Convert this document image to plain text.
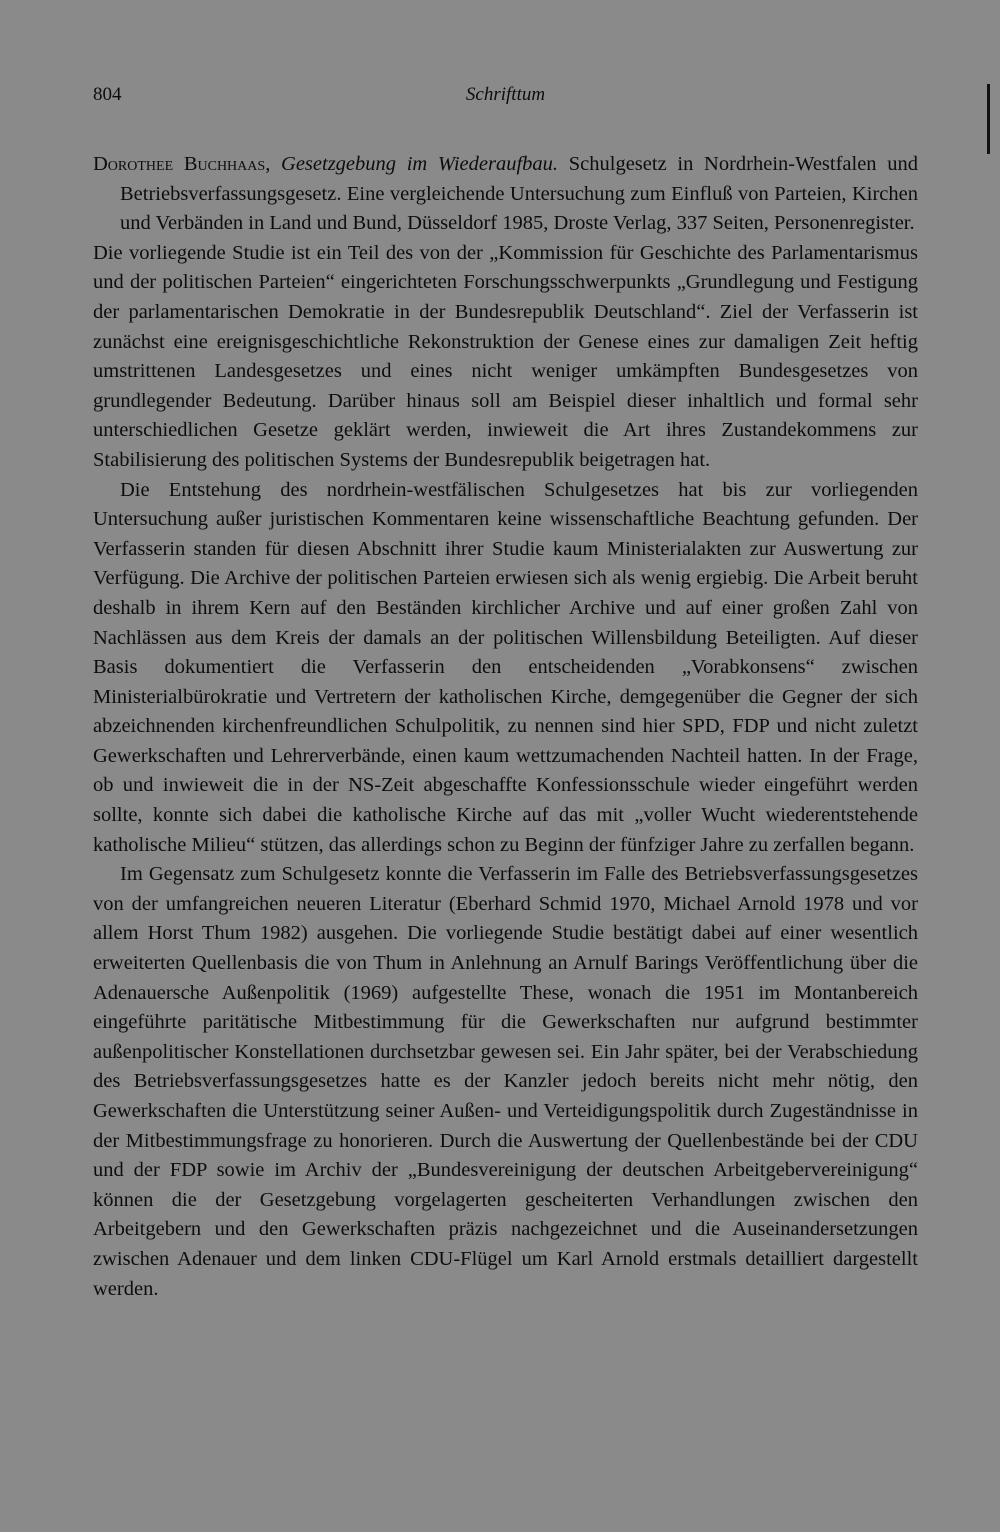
804	Schrifttum

Dorothee Buchhaas, Gesetzgebung im Wiederaufbau. Schulgesetz in Nordrhein-Westfalen und Betriebsverfassungsgesetz. Eine vergleichende Untersuchung zum Einfluß von Parteien, Kirchen und Verbänden in Land und Bund, Düsseldorf 1985, Droste Verlag, 337 Seiten, Personenregister.

Die vorliegende Studie ist ein Teil des von der „Kommission für Geschichte des Parlamentarismus und der politischen Parteien“ eingerichteten Forschungsschwerpunkts „Grundlegung und Festigung der parlamentarischen Demokratie in der Bundesrepublik Deutschland“. Ziel der Verfasserin ist zunächst eine ereignisgeschichtliche Rekonstruktion der Genese eines zur damaligen Zeit heftig umstrittenen Landesgesetzes und eines nicht weniger umkämpften Bundesgesetzes von grundlegender Bedeutung. Darüber hinaus soll am Beispiel dieser inhaltlich und formal sehr unterschiedlichen Gesetze geklärt werden, inwieweit die Art ihres Zustandekommens zur Stabilisierung des politischen Systems der Bundesrepublik beigetragen hat.

Die Entstehung des nordrhein-westfälischen Schulgesetzes hat bis zur vorliegenden Untersuchung außer juristischen Kommentaren keine wissenschaftliche Beachtung gefunden. Der Verfasserin standen für diesen Abschnitt ihrer Studie kaum Ministerialakten zur Auswertung zur Verfügung. Die Archive der politischen Parteien erwiesen sich als wenig ergiebig. Die Arbeit beruht deshalb in ihrem Kern auf den Beständen kirchlicher Archive und auf einer großen Zahl von Nachlässen aus dem Kreis der damals an der politischen Willensbildung Beteiligten. Auf dieser Basis dokumentiert die Verfasserin den entscheidenden „Vorabkonsens“ zwischen Ministerialbürokratie und Vertretern der katholischen Kirche, demgegenüber die Gegner der sich abzeichnenden kirchenfreundlichen Schulpolitik, zu nennen sind hier SPD, FDP und nicht zuletzt Gewerkschaften und Lehrerverbände, einen kaum wettzumachenden Nachteil hatten. In der Frage, ob und inwieweit die in der NS-Zeit abgeschaffte Konfessionsschule wieder eingeführt werden sollte, konnte sich dabei die katholische Kirche auf das mit „voller Wucht wiederentstehende katholische Milieu“ stützen, das allerdings schon zu Beginn der fünfziger Jahre zu zerfallen begann.

Im Gegensatz zum Schulgesetz konnte die Verfasserin im Falle des Betriebsverfassungsgesetzes von der umfangreichen neueren Literatur (Eberhard Schmid 1970, Michael Arnold 1978 und vor allem Horst Thum 1982) ausgehen. Die vorliegende Studie bestätigt dabei auf einer wesentlich erweiterten Quellenbasis die von Thum in Anlehnung an Arnulf Barings Veröffentlichung über die Adenauersche Außenpolitik (1969) aufgestellte These, wonach die 1951 im Montanbereich eingeführte paritätische Mitbestimmung für die Gewerkschaften nur aufgrund bestimmter außenpolitischer Konstellationen durchsetzbar gewesen sei. Ein Jahr später, bei der Verabschiedung des Betriebsverfassungsgesetzes hatte es der Kanzler jedoch bereits nicht mehr nötig, den Gewerkschaften die Unterstützung seiner Außen- und Verteidigungspolitik durch Zugeständnisse in der Mitbestimmungsfrage zu honorieren. Durch die Auswertung der Quellenbestände bei der CDU und der FDP sowie im Archiv der „Bundesvereinigung der deutschen Arbeitgebervereinigung“ können die der Gesetzgebung vorgelagerten gescheiterten Verhandlungen zwischen den Arbeitgebern und den Gewerkschaften präzis nachgezeichnet und die Auseinandersetzungen zwischen Adenauer und dem linken CDU-Flügel um Karl Arnold erstmals detailliert dargestellt werden.
